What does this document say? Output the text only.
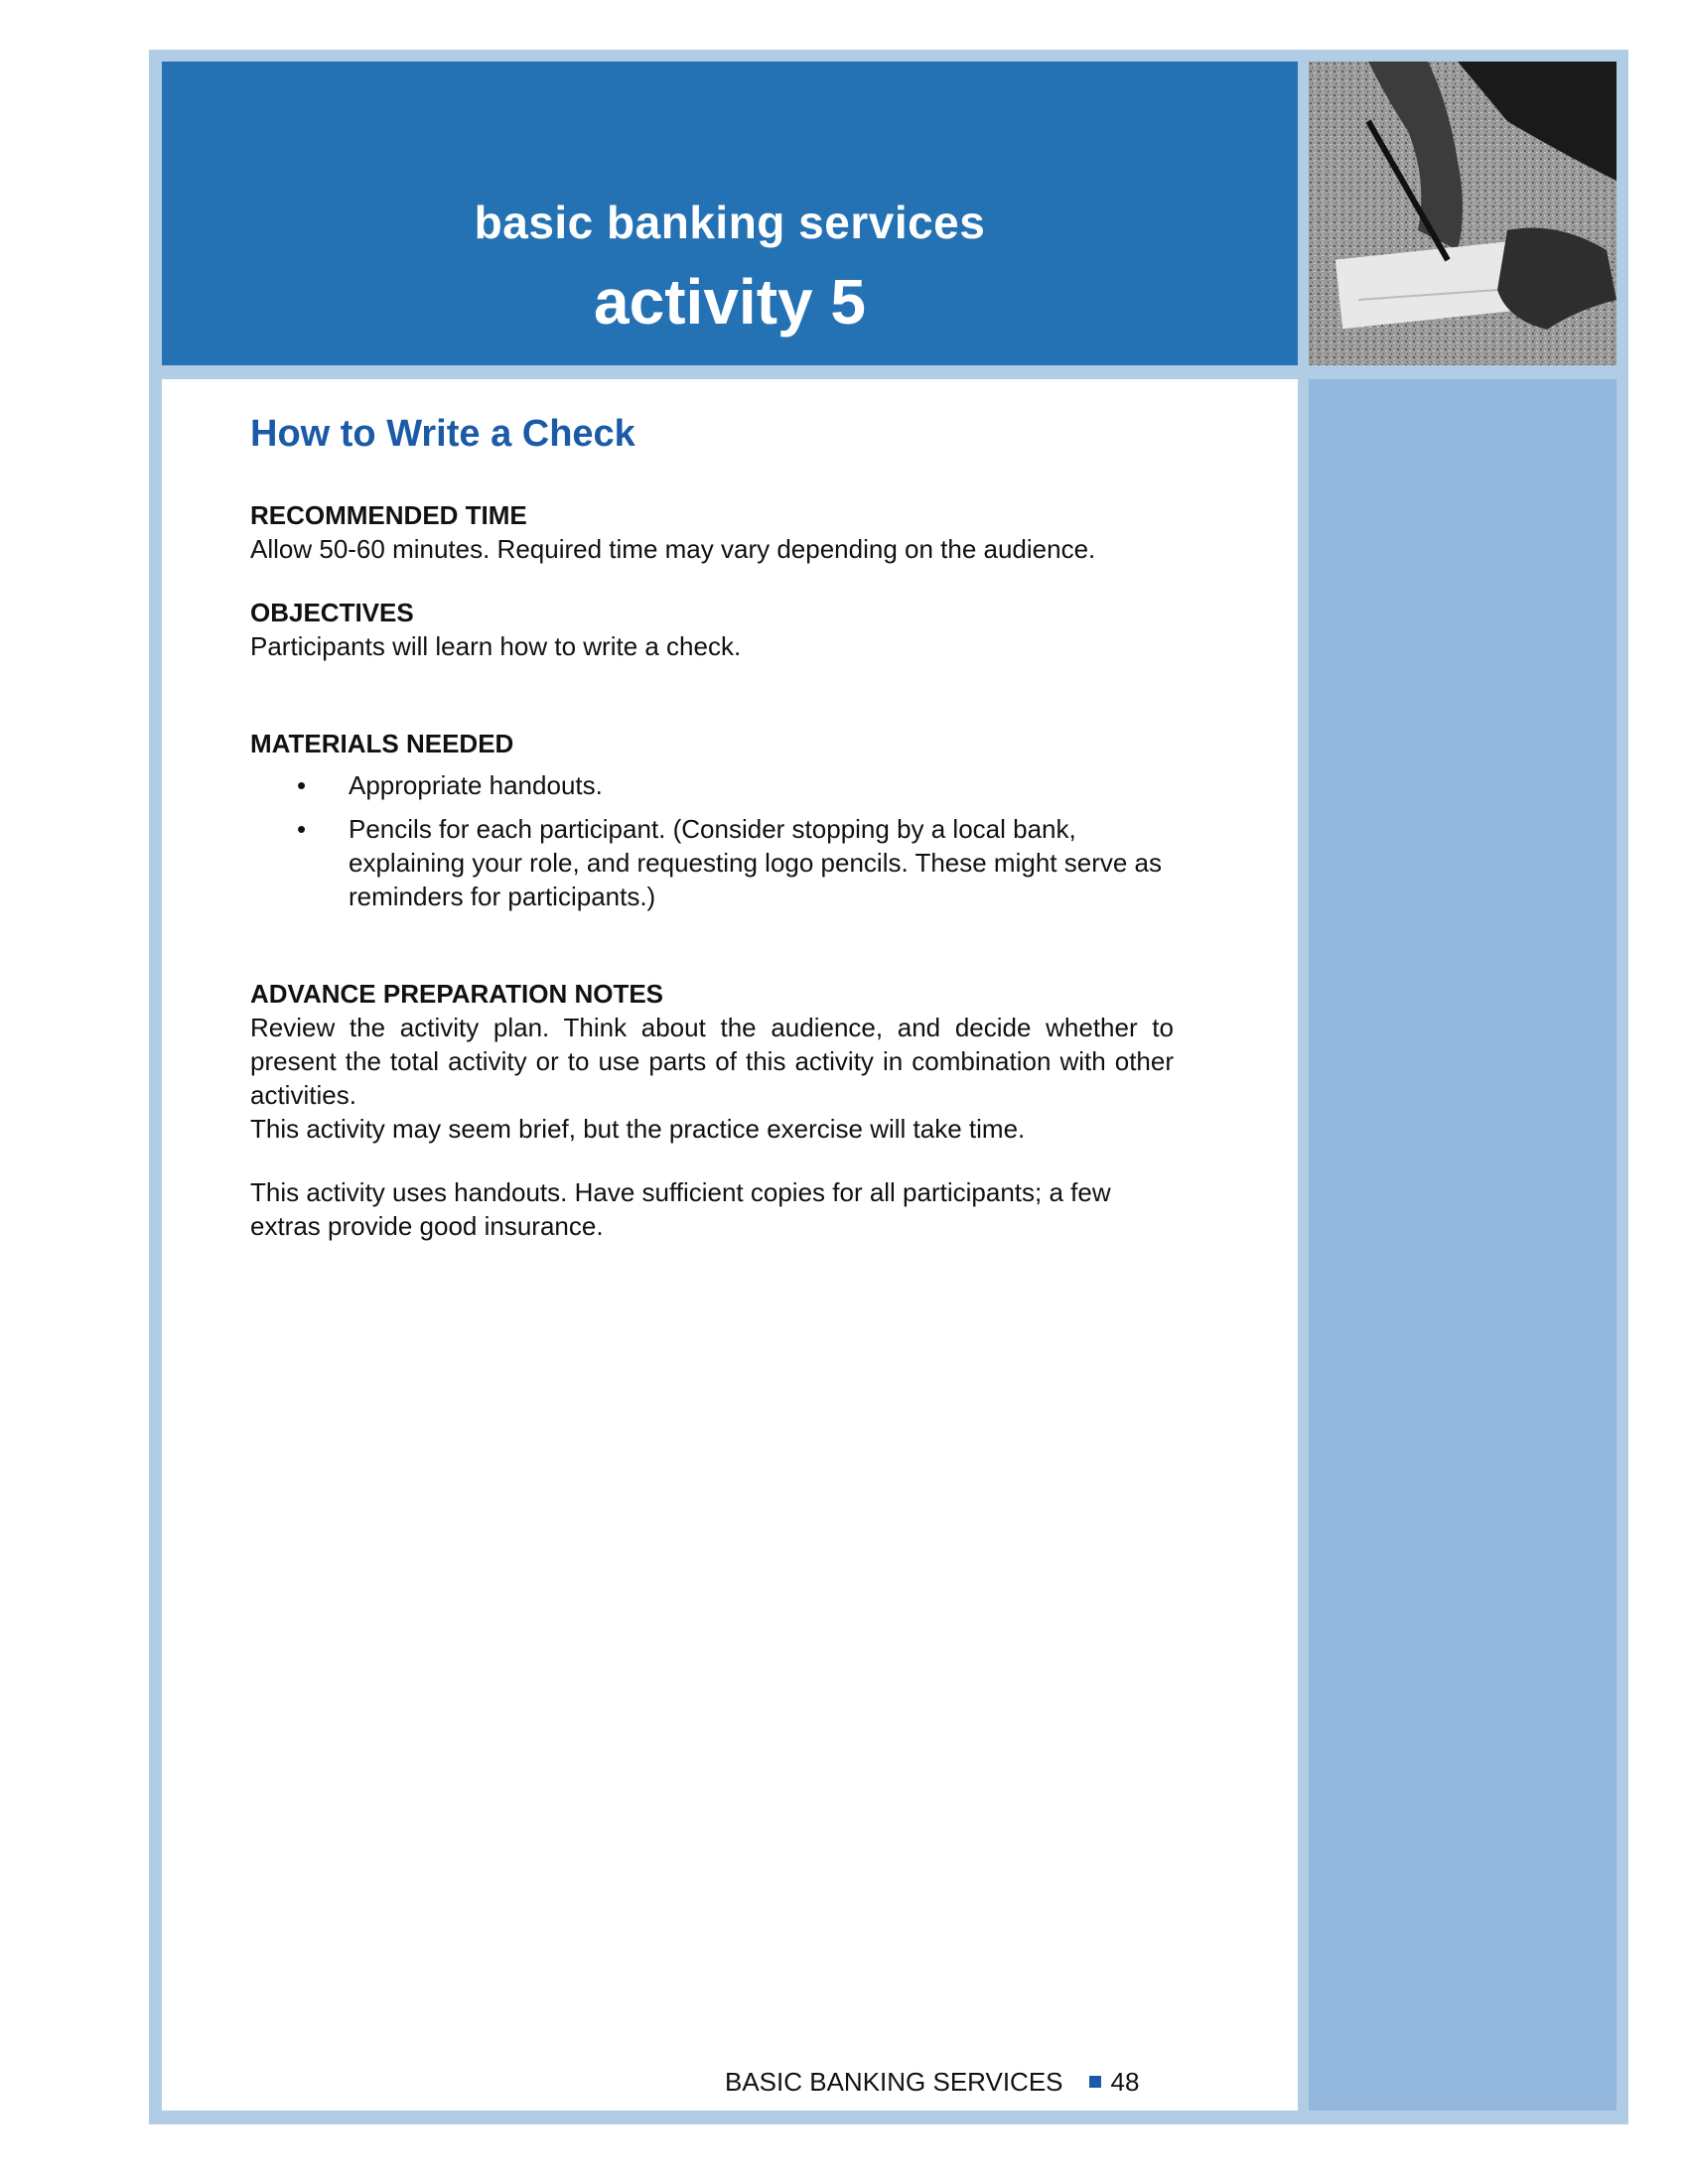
basic banking services
activity 5
How to Write a Check
RECOMMENDED TIME

Allow 50-60 minutes. Required time may vary depending on the audience.

OBJECTIVES

Participants will learn how to write a check.

MATERIALS NEEDED
• Appropriate handouts.
• Pencils for each participant. (Consider stopping by a local bank, explaining your role, and requesting logo pencils. These might serve as reminders for participants.)
ADVANCE PREPARATION NOTES

Review the activity plan. Think about the audience, and decide whether to present the total activity or to use parts of this activity in combination with other activities.

This activity may seem brief, but the practice exercise will take time.

This activity uses handouts. Have sufficient copies for all participants; a few extras provide good insurance.

BASIC BANKING SERVICES 48
